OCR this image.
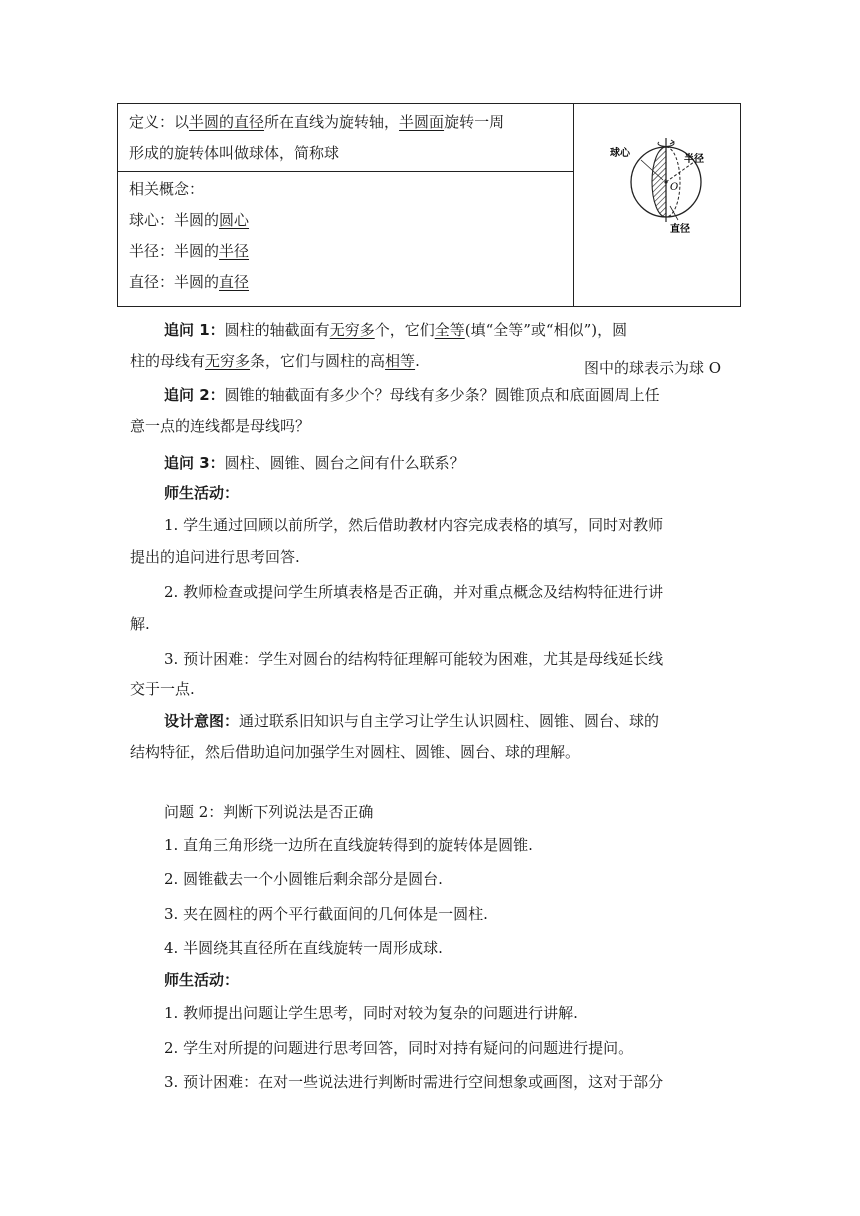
定义：以半圆的直径所在直线为旋转轴，半圆面旋转一周
形成的旋转体叫做球体，简称球
相关概念：
球心：半圆的圆心
半径：半圆的半径
直径：半圆的直径
球心
半径
直径
O
图中的球表示为球 O
追问 1：圆柱的轴截面有无穷多个，它们全等(填“全等”或“相似”)，圆
柱的母线有无穷多条，它们与圆柱的高相等.
追问 2：圆锥的轴截面有多少个？母线有多少条？圆锥顶点和底面圆周上任
意一点的连线都是母线吗？
追问 3：圆柱、圆锥、圆台之间有什么联系？
师生活动：
1. 学生通过回顾以前所学，然后借助教材内容完成表格的填写，同时对教师
提出的追问进行思考回答.
2. 教师检查或提问学生所填表格是否正确，并对重点概念及结构特征进行讲
解.
3. 预计困难：学生对圆台的结构特征理解可能较为困难，尤其是母线延长线
交于一点.
设计意图：通过联系旧知识与自主学习让学生认识圆柱、圆锥、圆台、球的
结构特征，然后借助追问加强学生对圆柱、圆锥、圆台、球的理解。
问题 2：判断下列说法是否正确
1. 直角三角形绕一边所在直线旋转得到的旋转体是圆锥.
2. 圆锥截去一个小圆锥后剩余部分是圆台.
3. 夹在圆柱的两个平行截面间的几何体是一圆柱.
4. 半圆绕其直径所在直线旋转一周形成球.
师生活动：
1. 教师提出问题让学生思考，同时对较为复杂的问题进行讲解.
2. 学生对所提的问题进行思考回答，同时对持有疑问的问题进行提问。
3. 预计困难：在对一些说法进行判断时需进行空间想象或画图，这对于部分
